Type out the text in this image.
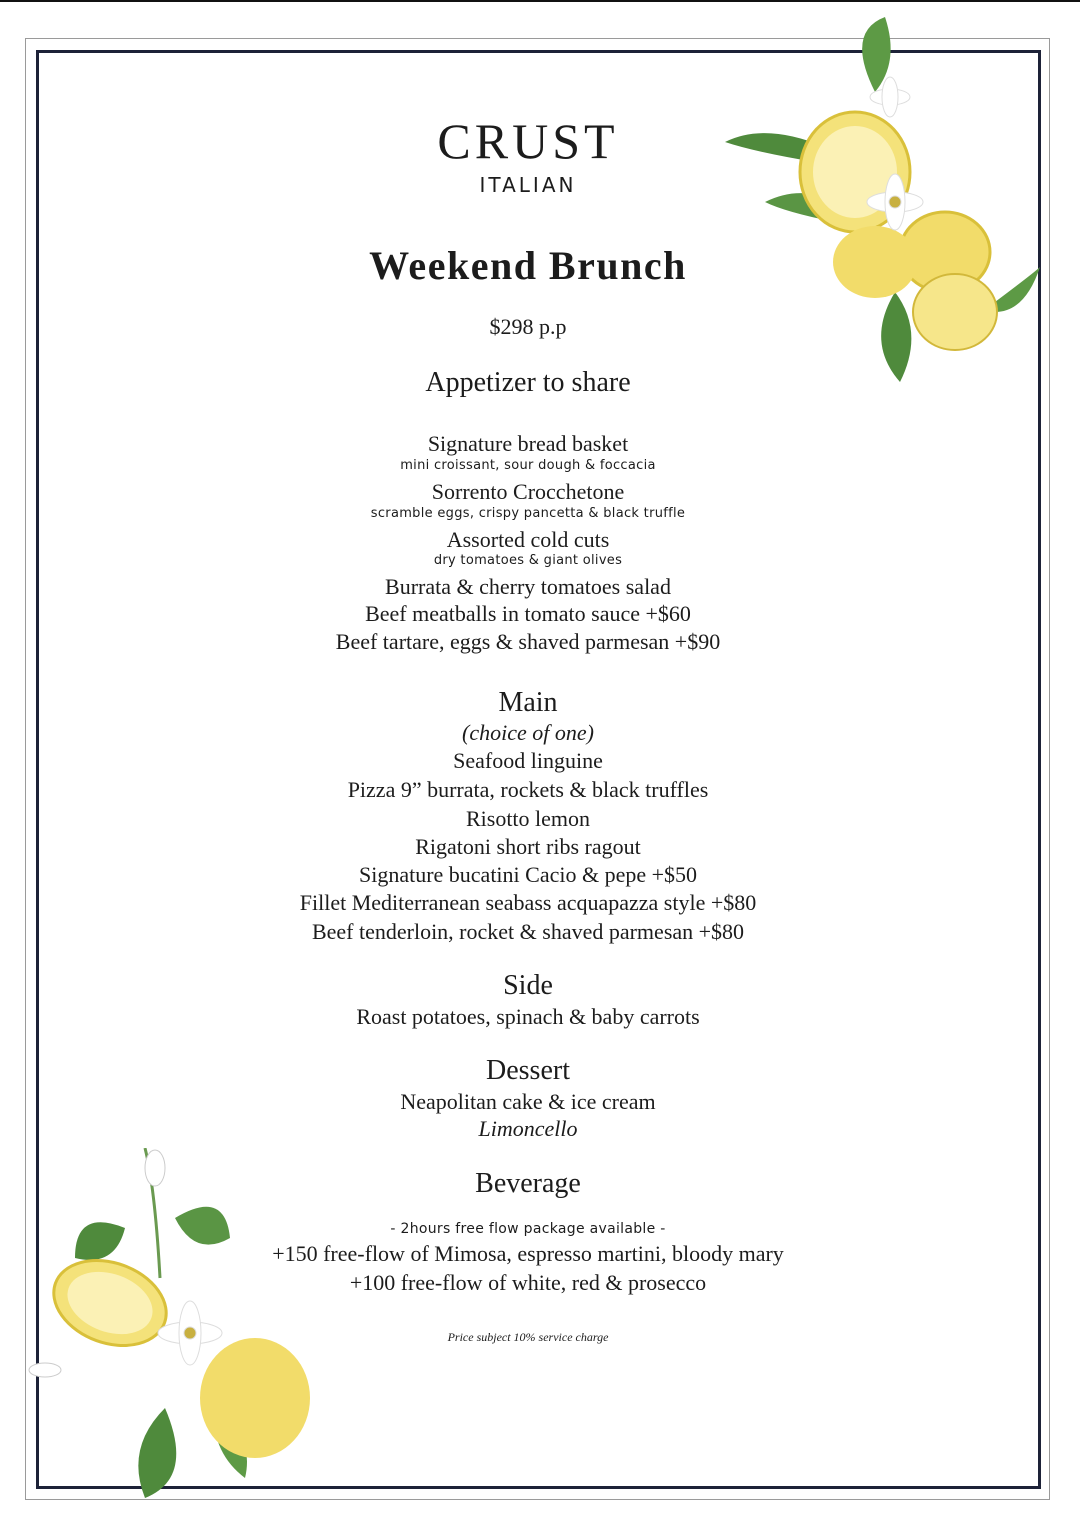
CRUST
ITALIAN
Weekend Brunch
$298 p.p
Appetizer to share
Signature bread basket
mini croissant, sour dough & foccacia
Sorrento Crocchetone
scramble eggs, crispy pancetta & black truffle
Assorted cold cuts
dry tomatoes & giant olives
Burrata & cherry tomatoes salad
Beef meatballs in tomato sauce +$60
Beef tartare, eggs & shaved parmesan +$90
Main
(choice of one)
Seafood linguine
Pizza 9” burrata, rockets & black truffles
Risotto lemon
Rigatoni short ribs ragout
Signature bucatini Cacio & pepe +$50
Fillet Mediterranean seabass acquapazza style +$80
Beef tenderloin, rocket & shaved parmesan +$80
Side
Roast potatoes, spinach & baby carrots
Dessert
Neapolitan cake & ice cream
Limoncello
Beverage
- 2hours free flow package available -
+150 free-flow of Mimosa, espresso martini, bloody mary
+100 free-flow of white, red & prosecco
Price subject 10% service charge
